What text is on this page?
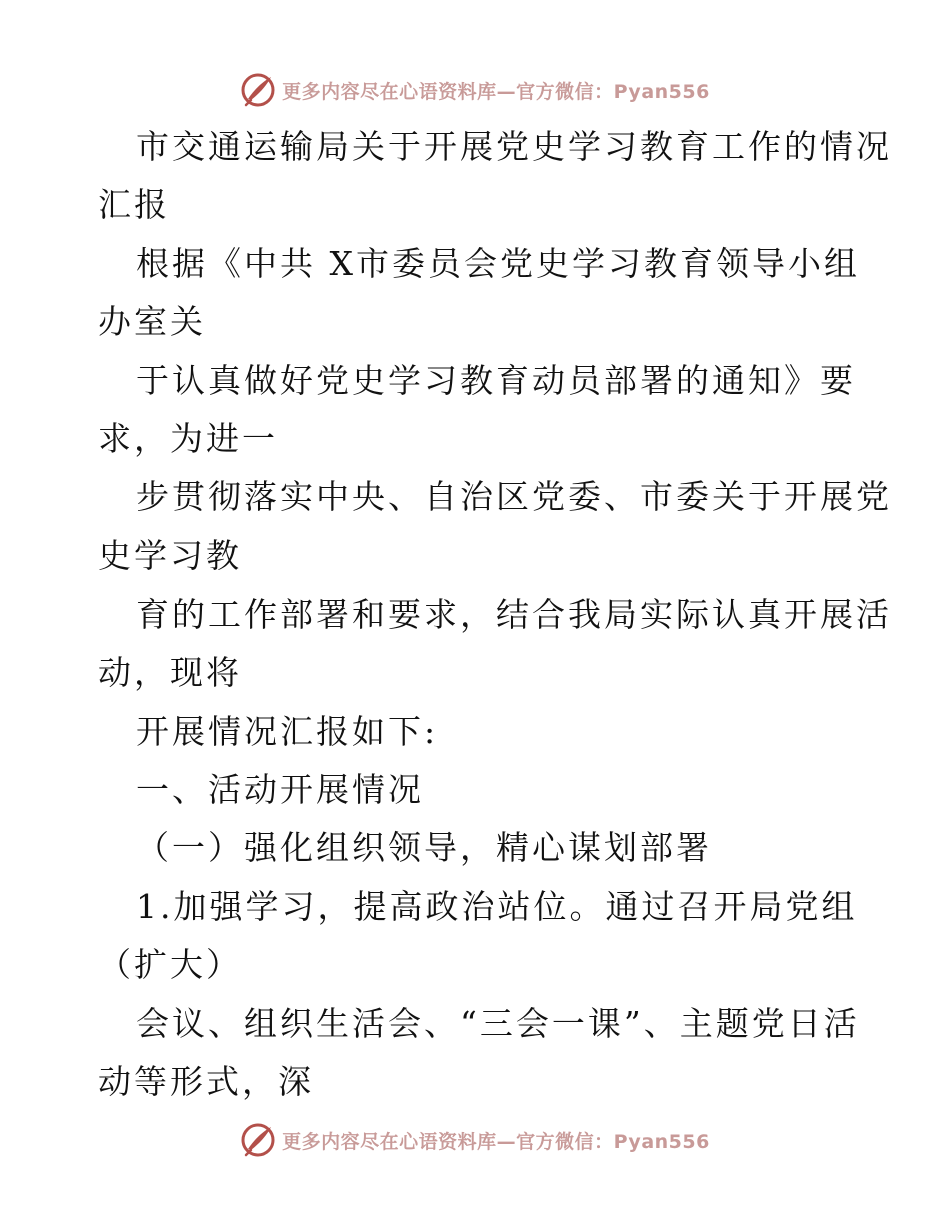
更多内容尽在心语资料库—官方微信：Pyan556
市交通运输局关于开展党史学习教育工作的情况
汇报
根据《中共 X市委员会党史学习教育领导小组
办室关
于认真做好党史学习教育动员部署的通知》要
求，为进一
步贯彻落实中央、自治区党委、市委关于开展党
史学习教
育的工作部署和要求，结合我局实际认真开展活
动，现将
开展情况汇报如下:
一、活动开展情况
（一）强化组织领导，精心谋划部署
1.加强学习，提高政治站位。通过召开局党组
（扩大）
会议、组织生活会、“三会一课”、主题党日活
动等形式，深
更多内容尽在心语资料库—官方微信：Pyan556
